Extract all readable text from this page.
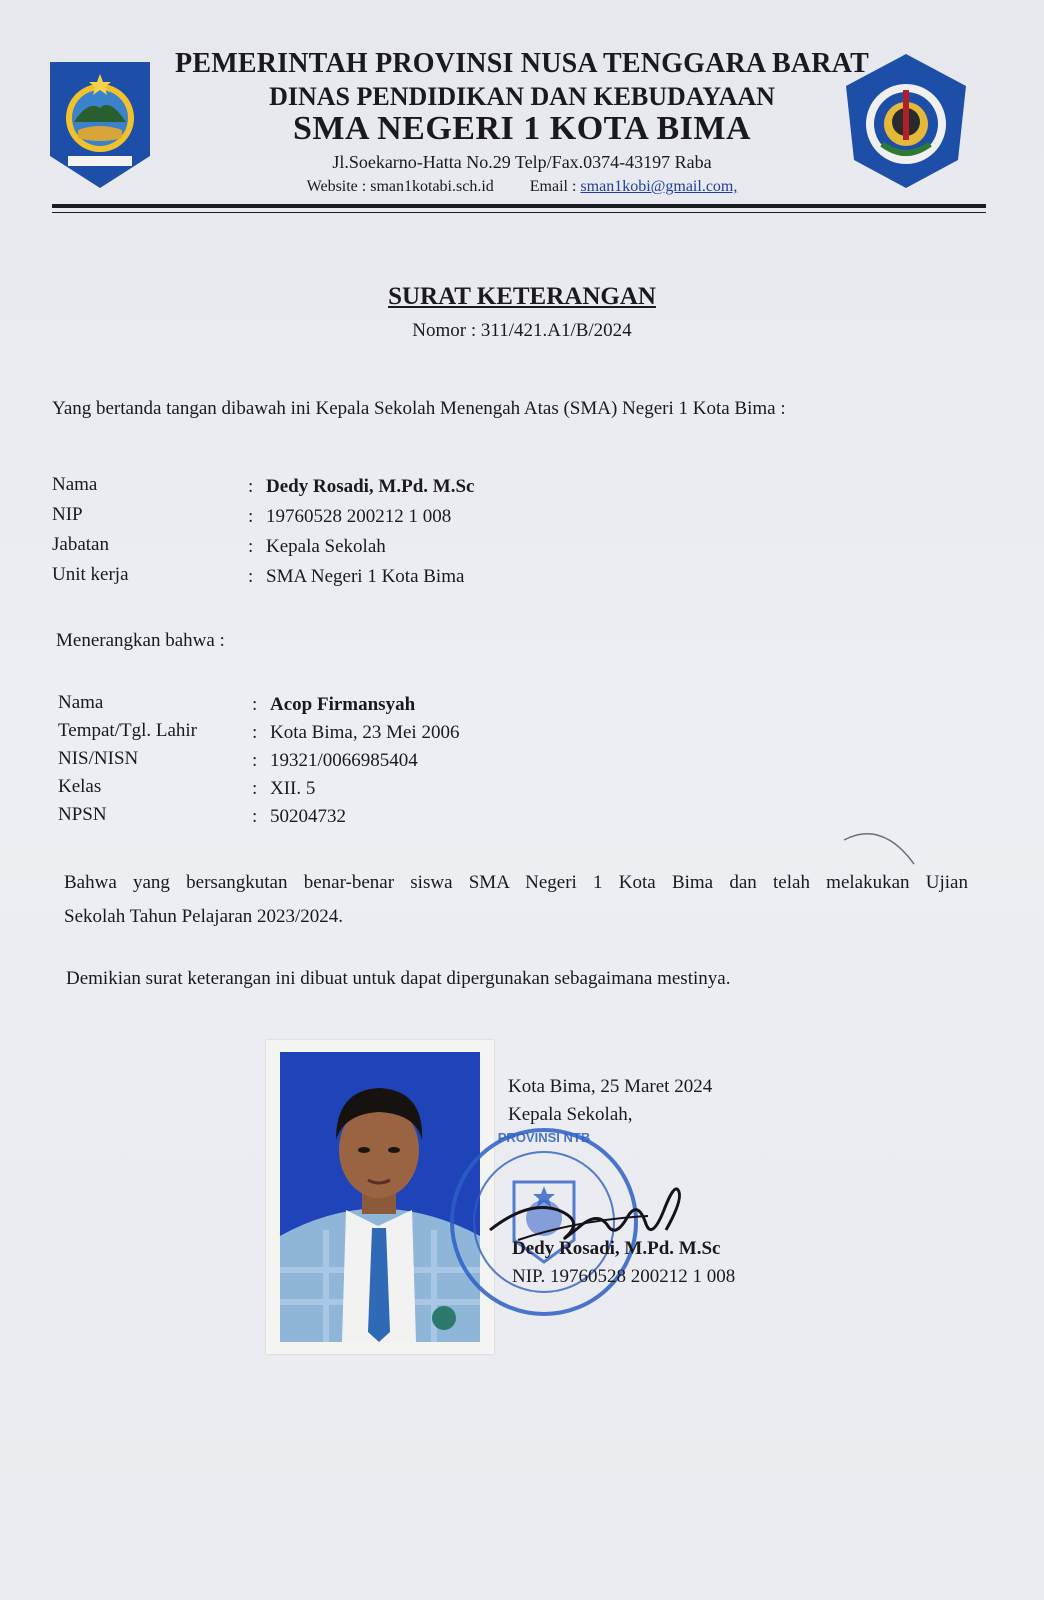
PEMERINTAH PROVINSI NUSA TENGGARA BARAT
DINAS PENDIDIKAN DAN KEBUDAYAAN
SMA NEGERI 1 KOTA BIMA
Jl.Soekarno-Hatta No.29 Telp/Fax.0374-43197 Raba
Website : sman1kotabi.sch.id Email : sman1kobi@gmail.com,
SURAT KETERANGAN
Nomor : 311/421.A1/B/2024
Yang bertanda tangan dibawah ini Kepala Sekolah Menengah Atas (SMA) Negeri 1 Kota Bima :
Nama	: Dedy Rosadi, M.Pd. M.Sc
NIP	: 19760528 200212 1 008
Jabatan	: Kepala Sekolah
Unit kerja	: SMA Negeri 1 Kota Bima
Menerangkan bahwa :
Nama	: Acop Firmansyah
Tempat/Tgl. Lahir	: Kota Bima, 23 Mei 2006
NIS/NISN	: 19321/0066985404
Kelas	: XII. 5
NPSN	: 50204732
Bahwa yang bersangkutan benar-benar siswa SMA Negeri 1 Kota Bima dan telah melakukan Ujian
Sekolah Tahun Pelajaran 2023/2024.
Demikian surat keterangan ini dibuat untuk dapat dipergunakan sebagaimana mestinya.
PROVINSI NTB
Kota Bima, 25 Maret 2024
Kepala Sekolah,
Dedy Rosadi, M.Pd. M.Sc
NIP. 19760528 200212 1 008
